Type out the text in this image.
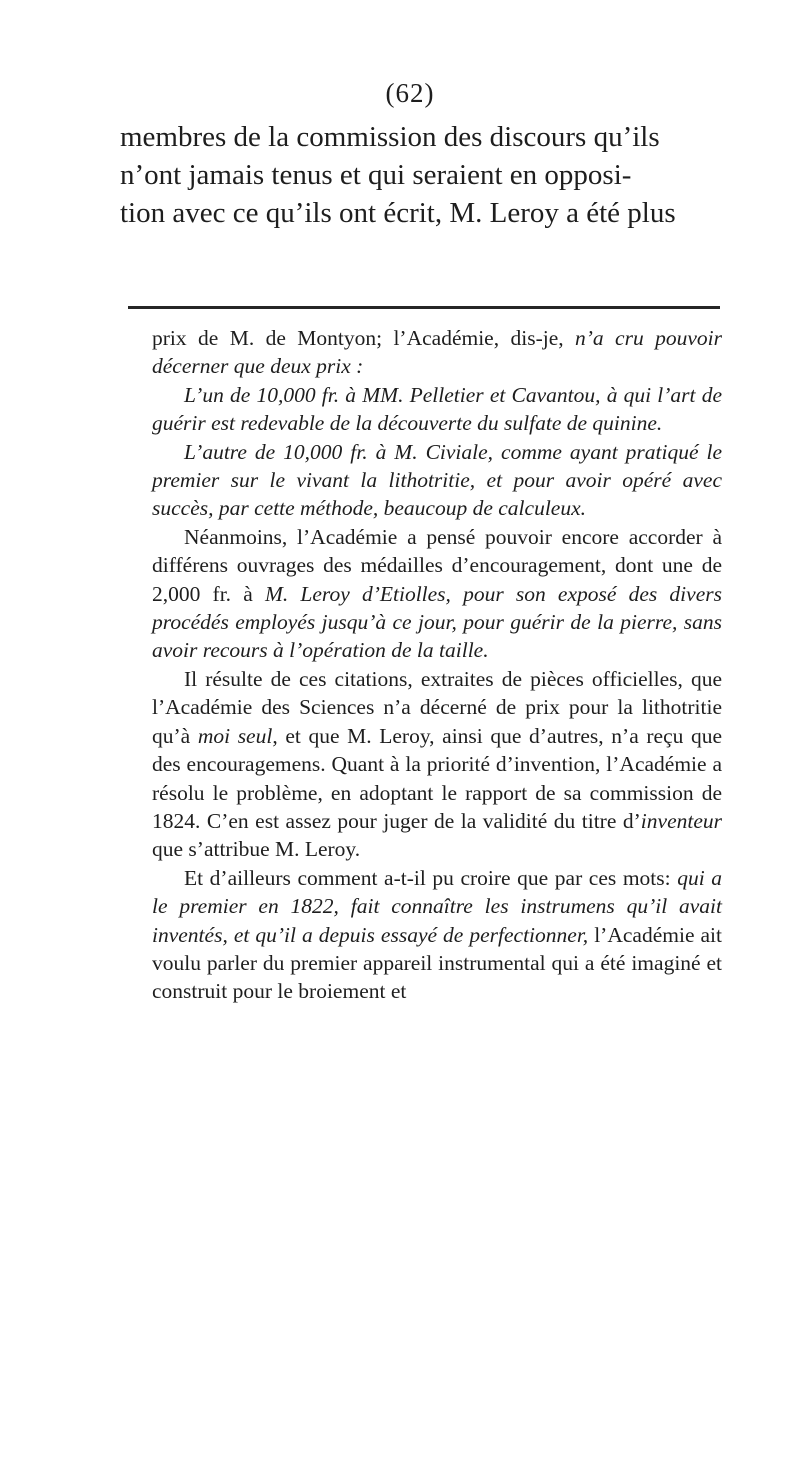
(62)

membres de la commission des discours qu’ils

n’ont jamais tenus et qui seraient en opposi-

tion avec ce qu’ils ont écrit, M. Leroy a été plus

prix de M. de Montyon; l’Académie, dis-je, n’a cru pouvoir décerner que deux prix :

L’un de 10,000 fr. à MM. Pelletier et Cavantou, à qui l’art de guérir est redevable de la découverte du sulfate de quinine.

L’autre de 10,000 fr. à M. Civiale, comme ayant pratiqué le premier sur le vivant la lithotritie, et pour avoir opéré avec succès, par cette méthode, beaucoup de calculeux.

Néanmoins, l’Académie a pensé pouvoir encore accorder à différens ouvrages des médailles d’encouragement, dont une de 2,000 fr. à M. Leroy d’Etiolles, pour son exposé des divers procédés employés jusqu’à ce jour, pour guérir de la pierre, sans avoir recours à l’opération de la taille.

Il résulte de ces citations, extraites de pièces officielles, que l’Académie des Sciences n’a décerné de prix pour la lithotritie qu’à moi seul, et que M. Leroy, ainsi que d’autres, n’a reçu que des encouragemens. Quant à la priorité d’invention, l’Académie a résolu le problème, en adoptant le rapport de sa commission de 1824. C’en est assez pour juger de la validité du titre d’inventeur que s’attribue M. Leroy.

Et d’ailleurs comment a-t-il pu croire que par ces mots: qui a le premier en 1822, fait connaître les instrumens qu’il avait inventés, et qu’il a depuis essayé de perfectionner, l’Académie ait voulu parler du premier appareil instrumental qui a été imaginé et construit pour le broiement et
